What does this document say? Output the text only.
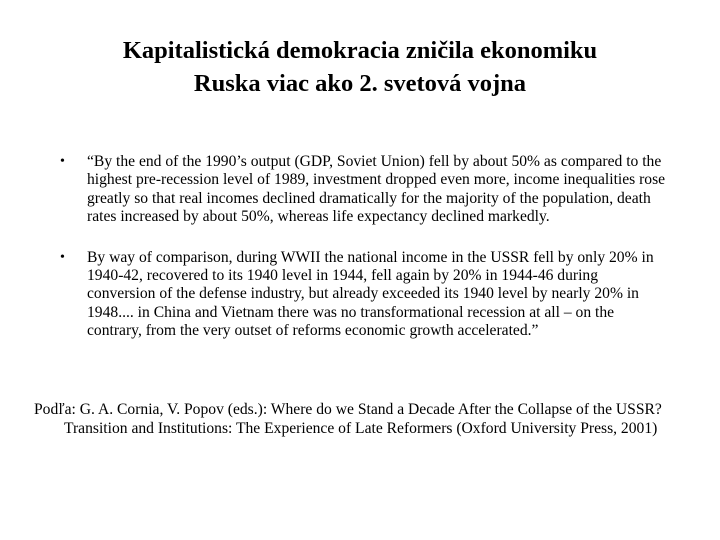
Kapitalistická demokracia zničila ekonomiku
Ruska viac ako 2. svetová vojna
• “By the end of the 1990’s output (GDP, Soviet Union) fell by about 50% as compared to the highest pre-recession level of 1989, investment dropped even more, income inequalities rose greatly so that real incomes declined dramatically for the majority of the population, death rates increased by about 50%, whereas life expectancy declined markedly.
• By way of comparison, during WWII the national income in the USSR fell by only 20% in 1940-42, recovered to its 1940 level in 1944, fell again by 20% in 1944-46 during conversion of the defense industry, but already exceeded its 1940 level by nearly 20% in 1948.... in China and Vietnam there was no transformational recession at all – on the contrary, from the very outset of reforms economic growth accelerated.”

Podľa: G. A. Cornia, V. Popov (eds.): Where do we Stand a Decade After the Collapse of the USSR? Transition and Institutions: The Experience of Late Reformers (Oxford University Press, 2001)
